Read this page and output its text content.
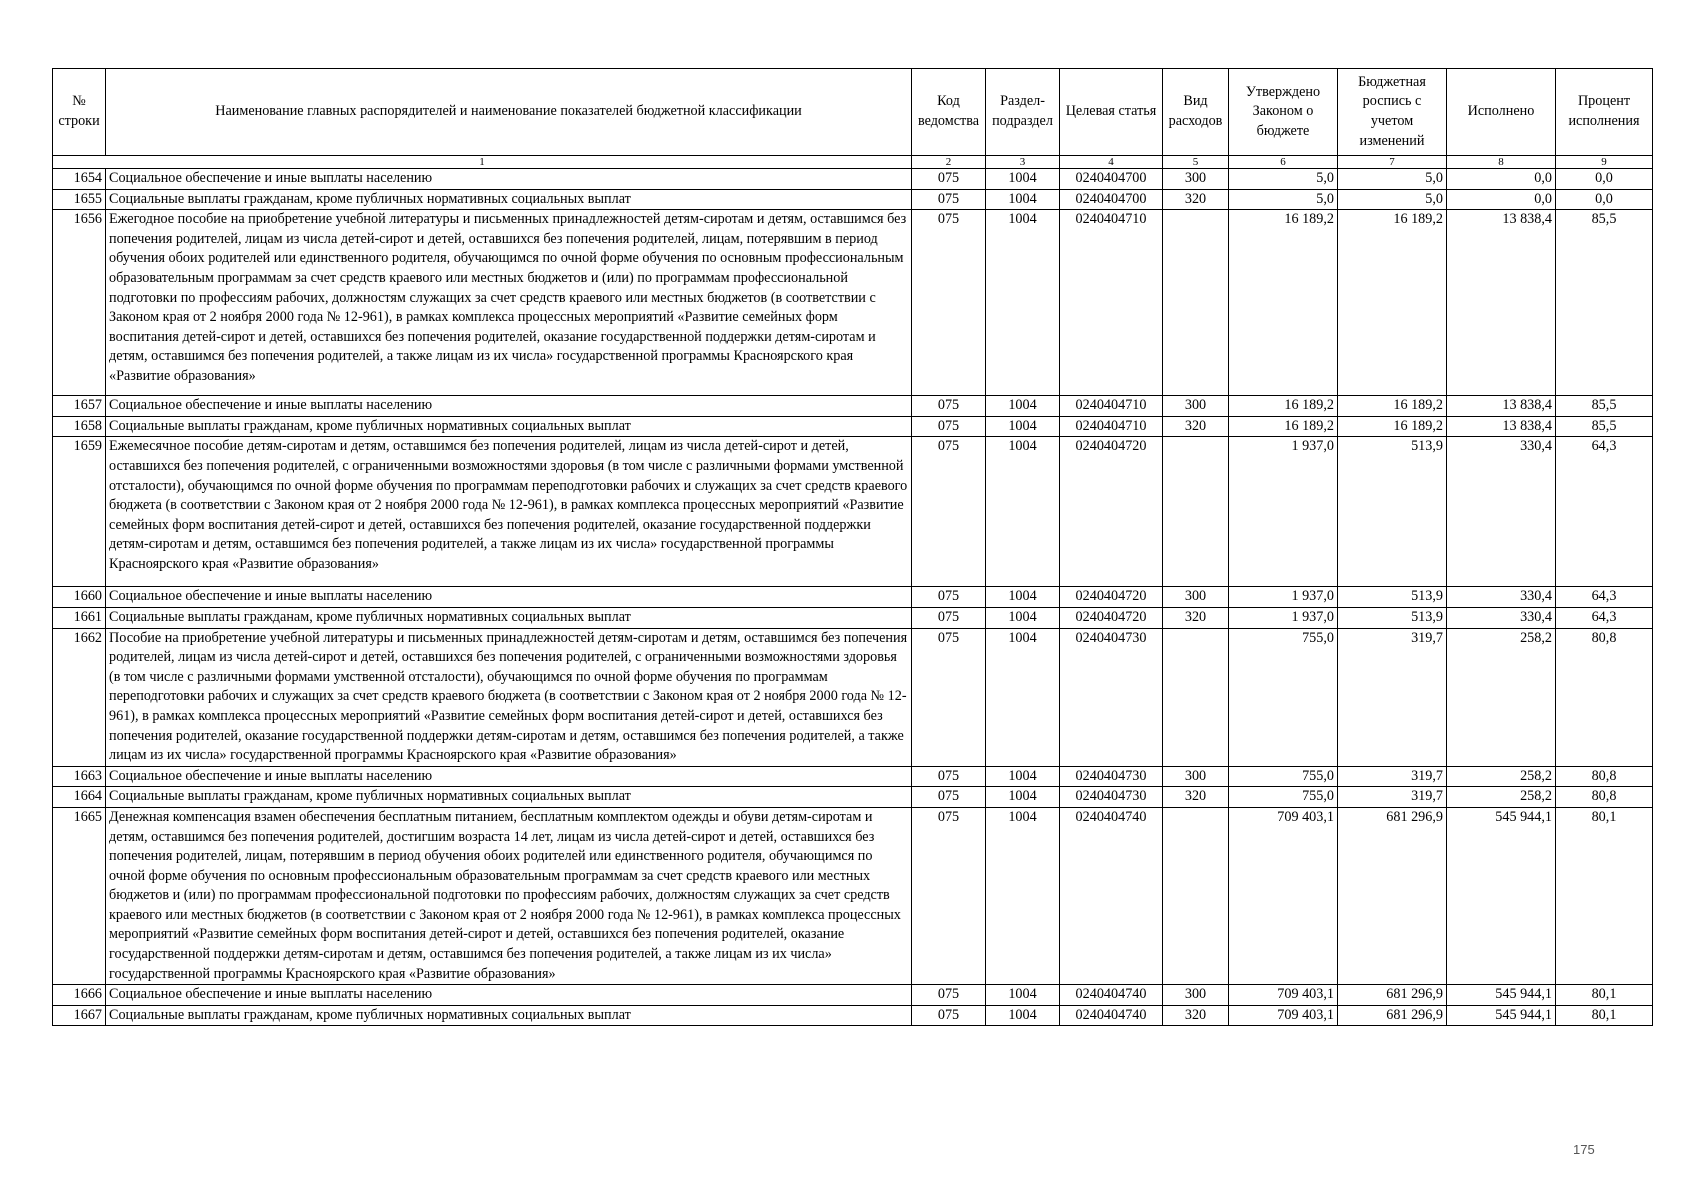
№ строки	Наименование главных распорядителей и наименование показателей бюджетной классификации	Код ведомства	Раздел-подраздел	Целевая статья	Вид расходов	Утверждено Законом о бюджете	Бюджетная роспись с учетом изменений	Исполнено	Процент исполнения
1		2	3	4	5	6	7	8	9
1654	Социальное обеспечение и иные выплаты населению	075	1004	0240404700	300	5,0	5,0	0,0	0,0
1655	Социальные выплаты гражданам, кроме публичных нормативных социальных выплат	075	1004	0240404700	320	5,0	5,0	0,0	0,0
1656	Ежегодное пособие на приобретение учебной литературы и письменных принадлежностей детям-сиротам и детям, оставшимся без попечения родителей, лицам из числа детей-сирот и детей, оставшихся без попечения родителей, лицам, потерявшим в период обучения обоих родителей или единственного родителя, обучающимся по очной форме обучения по основным профессиональным образовательным программам за счет средств краевого или местных бюджетов и (или) по программам профессиональной подготовки по профессиям рабочих, должностям служащих за счет средств краевого или местных бюджетов (в соответствии с Законом края от 2 ноября 2000 года № 12-961), в рамках комплекса процессных мероприятий «Развитие семейных форм воспитания детей-сирот и детей, оставшихся без попечения родителей, оказание государственной поддержки детям-сиротам и детям, оставшимся без попечения родителей, а также лицам из их числа» государственной программы Красноярского края «Развитие образования»	075	1004	0240404710		16 189,2	16 189,2	13 838,4	85,5
1657	Социальное обеспечение и иные выплаты населению	075	1004	0240404710	300	16 189,2	16 189,2	13 838,4	85,5
1658	Социальные выплаты гражданам, кроме публичных нормативных социальных выплат	075	1004	0240404710	320	16 189,2	16 189,2	13 838,4	85,5
1659	Ежемесячное пособие детям-сиротам и детям, оставшимся без попечения родителей, лицам из числа детей-сирот и детей, оставшихся без попечения родителей, с ограниченными возможностями здоровья (в том числе с различными формами умственной отсталости), обучающимся по очной форме обучения по программам переподготовки рабочих и служащих за счет средств краевого бюджета (в соответствии с Законом края от 2 ноября 2000 года № 12-961), в рамках комплекса процессных мероприятий «Развитие семейных форм воспитания детей-сирот и детей, оставшихся без попечения родителей, оказание государственной поддержки детям-сиротам и детям, оставшимся без попечения родителей, а также лицам из их числа» государственной программы Красноярского края «Развитие образования»	075	1004	0240404720		1 937,0	513,9	330,4	64,3
1660	Социальное обеспечение и иные выплаты населению	075	1004	0240404720	300	1 937,0	513,9	330,4	64,3
1661	Социальные выплаты гражданам, кроме публичных нормативных социальных выплат	075	1004	0240404720	320	1 937,0	513,9	330,4	64,3
1662	Пособие на приобретение учебной литературы и письменных принадлежностей детям-сиротам и детям, оставшимся без попечения родителей, лицам из числа детей-сирот и детей, оставшихся без попечения родителей, с ограниченными возможностями здоровья (в том числе с различными формами умственной отсталости), обучающимся по очной форме обучения по программам переподготовки рабочих и служащих за счет средств краевого бюджета (в соответствии с Законом края от 2 ноября 2000 года № 12-961), в рамках комплекса процессных мероприятий «Развитие семейных форм воспитания детей-сирот и детей, оставшихся без попечения родителей, оказание государственной поддержки детям-сиротам и детям, оставшимся без попечения родителей, а также лицам из их числа» государственной программы Красноярского края «Развитие образования»	075	1004	0240404730		755,0	319,7	258,2	80,8
1663	Социальное обеспечение и иные выплаты населению	075	1004	0240404730	300	755,0	319,7	258,2	80,8
1664	Социальные выплаты гражданам, кроме публичных нормативных социальных выплат	075	1004	0240404730	320	755,0	319,7	258,2	80,8
1665	Денежная компенсация взамен обеспечения бесплатным питанием, бесплатным комплектом одежды и обуви детям-сиротам и детям, оставшимся без попечения родителей, достигшим возраста 14 лет, лицам из числа детей-сирот и детей, оставшихся без попечения родителей, лицам, потерявшим в период обучения обоих родителей или единственного родителя, обучающимся по очной форме обучения по основным профессиональным образовательным программам за счет средств краевого или местных бюджетов и (или) по программам профессиональной подготовки по профессиям рабочих, должностям служащих за счет средств краевого или местных бюджетов (в соответствии с Законом края от 2 ноября 2000 года № 12-961), в рамках комплекса процессных мероприятий «Развитие семейных форм воспитания детей-сирот и детей, оставшихся без попечения родителей, оказание государственной поддержки детям-сиротам и детям, оставшимся без попечения родителей, а также лицам из их числа» государственной программы Красноярского края «Развитие образования»	075	1004	0240404740		709 403,1	681 296,9	545 944,1	80,1
1666	Социальное обеспечение и иные выплаты населению	075	1004	0240404740	300	709 403,1	681 296,9	545 944,1	80,1
1667	Социальные выплаты гражданам, кроме публичных нормативных социальных выплат	075	1004	0240404740	320	709 403,1	681 296,9	545 944,1	80,1
175
